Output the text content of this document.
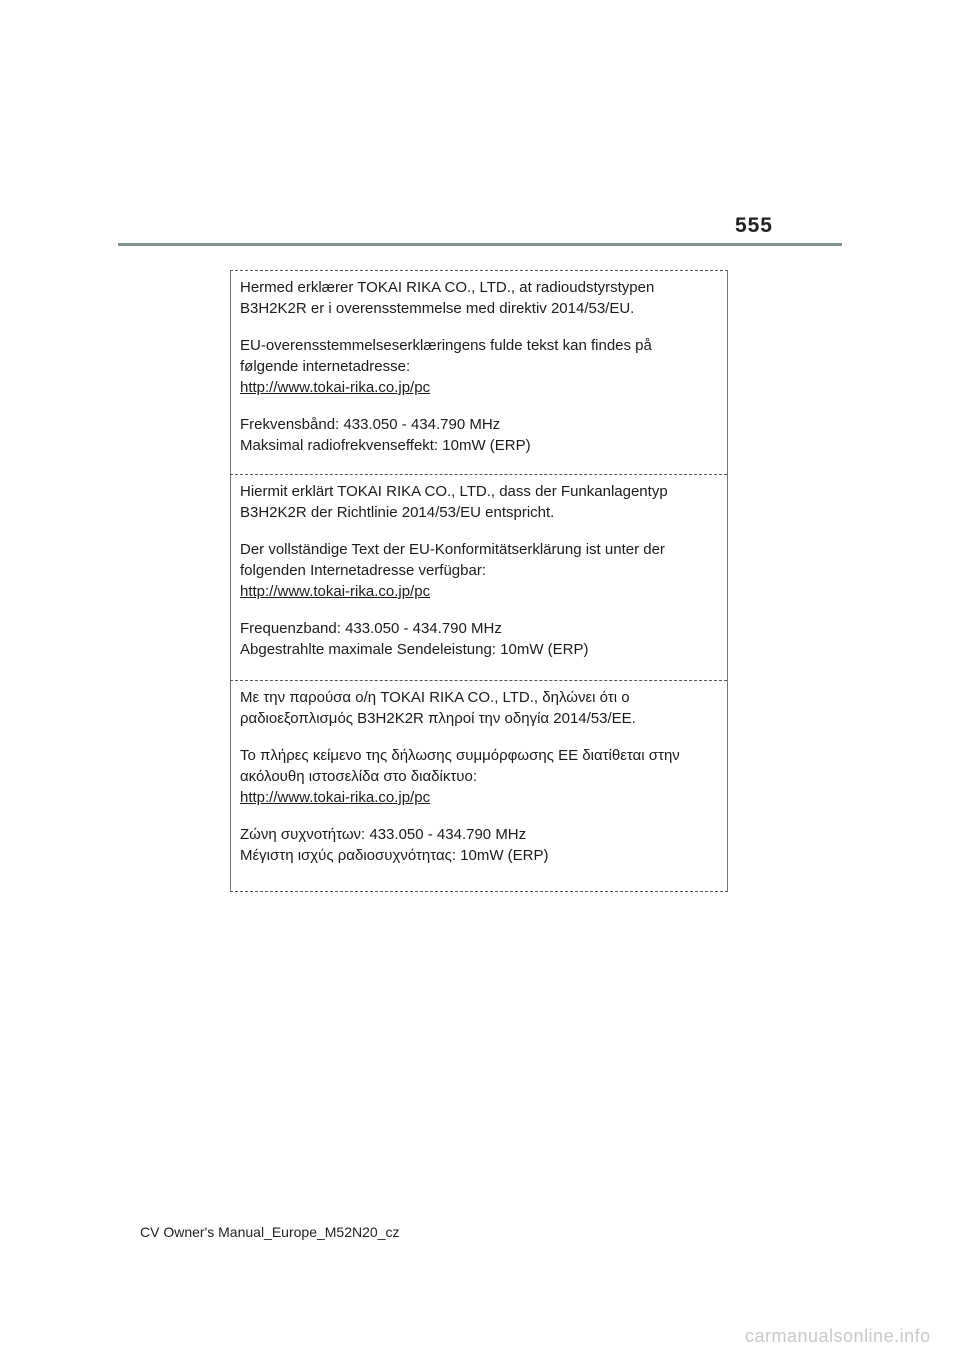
555

Hermed erklærer TOKAI RIKA CO., LTD., at radioudstyrstypen

B3H2K2R er i overensstemmelse med direktiv 2014/53/EU.

EU-overensstemmelseserklæringens fulde tekst kan findes på

følgende internetadresse:

http://www.tokai-rika.co.jp/pc

Frekvensbånd: 433.050 - 434.790 MHz

Maksimal radiofrekvenseffekt: 10mW (ERP)

Hiermit erklärt TOKAI RIKA CO., LTD., dass der Funkanlagentyp

B3H2K2R der Richtlinie 2014/53/EU entspricht.

Der vollständige Text der EU-Konformitätserklärung ist unter der

folgenden Internetadresse verfügbar:

http://www.tokai-rika.co.jp/pc

Frequenzband: 433.050 - 434.790 MHz

Abgestrahlte maximale Sendeleistung: 10mW (ERP)

Με την παρούσα ο/η TOKAI RIKA CO., LTD., δηλώνει ότι ο

ραδιοεξοπλισμός B3H2K2R πληροί την οδηγία 2014/53/ΕΕ.

Το πλήρες κείμενο της δήλωσης συμμόρφωσης ΕΕ διατίθεται στην

ακόλουθη ιστοσελίδα στο διαδίκτυο:

http://www.tokai-rika.co.jp/pc

Ζώνη συχνοτήτων: 433.050 - 434.790 MHz

Μέγιστη ισχύς ραδιοσυχνότητας: 10mW (ERP)

CV Owner's Manual_Europe_M52N20_cz
carmanualsonline.info
